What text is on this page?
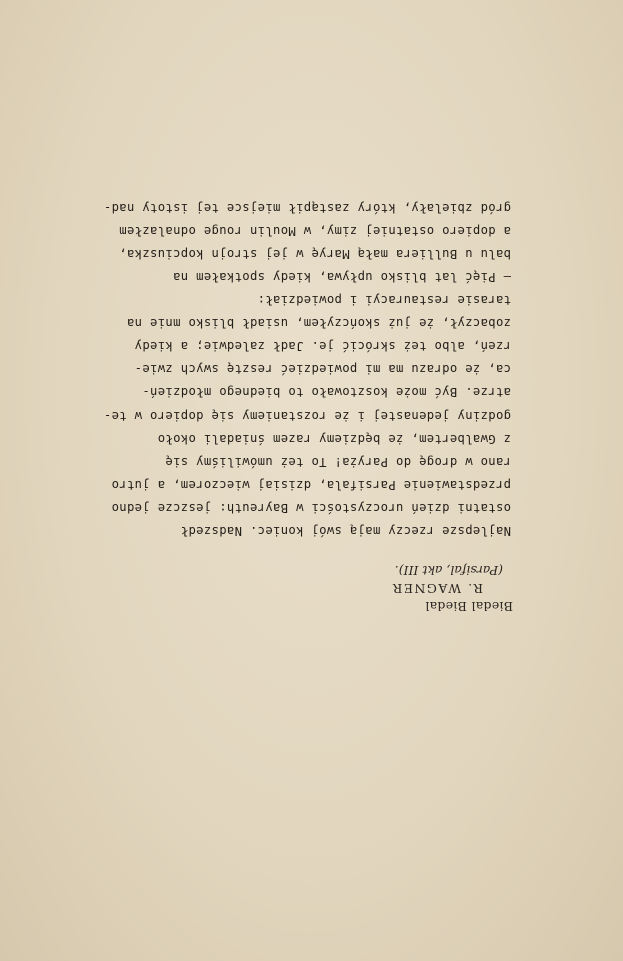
Biedal Biedal
R. WAGNER
(Parsifal, akt III).
Najlepsze rzeczy mają swój koniec. Nadszedł
ostatni dzień uroczystości w Bayreuth: jeszcze jedno
przedstawienie Parsifala, dzisiaj wieczorem, a jutro
rano w drogę do Paryża! To też umówiliśmy się
z Gwalbertem, że będziemy razem śniadali około
godziny jedenastej i że rozstaniemy się dopiero w te-
atrze. Być może kosztowało to biednego młodzień-
ca, że odrazu ma mi powiedzieć resztę swych zwie-
rzeń, albo też skrócić je. Jadł zaledwie; a kiedy
zobaczył, że już skończyłem, usiadł blisko mnie na
tarasie restauracyi i powiedział:
— Pięć lat blisko upływa, kiedy spotkałem na
balu u Bulliera małą Maryę w jej strojn kopciuszka,
a dopiero ostatniej zimy, w Moulin rouge odnalazłem
gród zbielały, który zastąpił miejsce tej istoty nad-
